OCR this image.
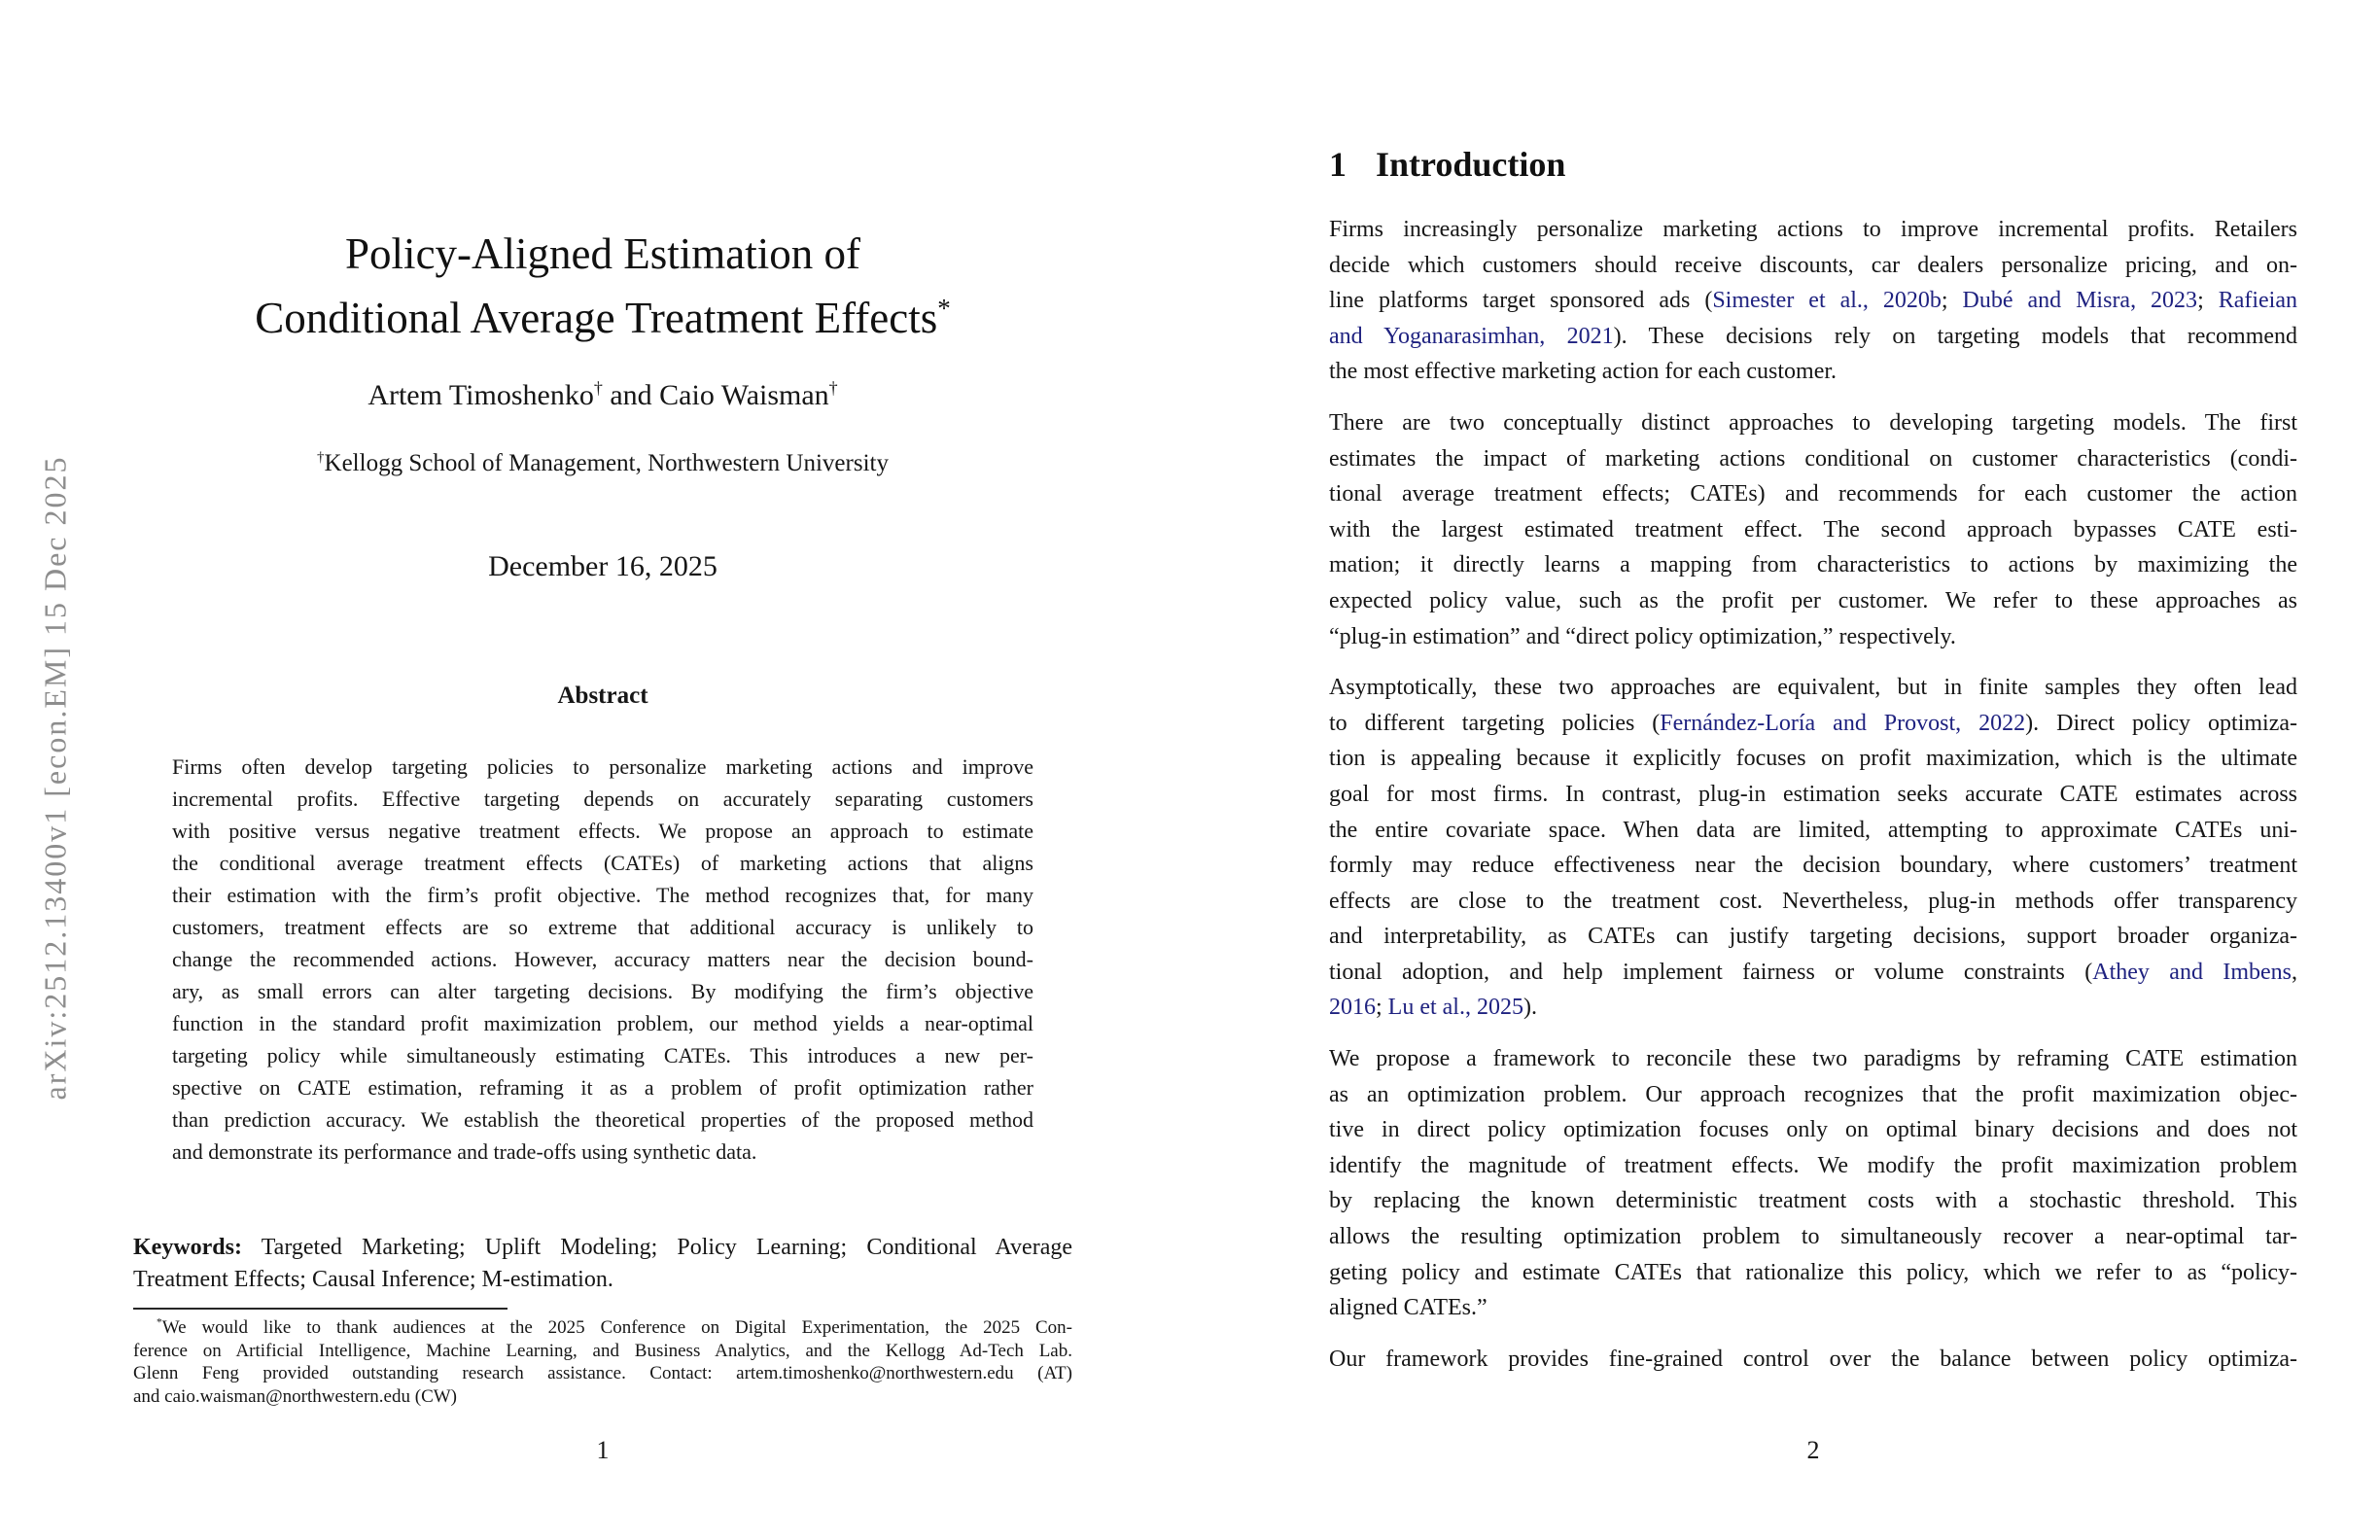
arXiv:2512.13400v1 [econ.EM] 15 Dec 2025
Policy-Aligned Estimation of
Conditional Average Treatment Effects*
Artem Timoshenko† and Caio Waisman†
†Kellogg School of Management, Northwestern University
December 16, 2025
Abstract
Firms often develop targeting policies to personalize marketing actions and improve
incremental profits. Effective targeting depends on accurately separating customers
with positive versus negative treatment effects. We propose an approach to estimate
the conditional average treatment effects (CATEs) of marketing actions that aligns
their estimation with the firm’s profit objective. The method recognizes that, for many
customers, treatment effects are so extreme that additional accuracy is unlikely to
change the recommended actions. However, accuracy matters near the decision bound-
ary, as small errors can alter targeting decisions. By modifying the firm’s objective
function in the standard profit maximization problem, our method yields a near-optimal
targeting policy while simultaneously estimating CATEs. This introduces a new per-
spective on CATE estimation, reframing it as a problem of profit optimization rather
than prediction accuracy. We establish the theoretical properties of the proposed method
and demonstrate its performance and trade-offs using synthetic data.
Keywords: Targeted Marketing; Uplift Modeling; Policy Learning; Conditional Average
Treatment Effects; Causal Inference; M-estimation.
*We would like to thank audiences at the 2025 Conference on Digital Experimentation, the 2025 Con-
ference on Artificial Intelligence, Machine Learning, and Business Analytics, and the Kellogg Ad-Tech Lab.
Glenn Feng provided outstanding research assistance. Contact: artem.timoshenko@northwestern.edu (AT)
and caio.waisman@northwestern.edu (CW)
1
1 Introduction
Firms increasingly personalize marketing actions to improve incremental profits. Retailers
decide which customers should receive discounts, car dealers personalize pricing, and on-
line platforms target sponsored ads (Simester et al., 2020b; Dubé and Misra, 2023; Rafieian
and Yoganarasimhan, 2021). These decisions rely on targeting models that recommend
the most effective marketing action for each customer.
There are two conceptually distinct approaches to developing targeting models. The first
estimates the impact of marketing actions conditional on customer characteristics (condi-
tional average treatment effects; CATEs) and recommends for each customer the action
with the largest estimated treatment effect. The second approach bypasses CATE esti-
mation; it directly learns a mapping from characteristics to actions by maximizing the
expected policy value, such as the profit per customer. We refer to these approaches as
“plug-in estimation” and “direct policy optimization,” respectively.
Asymptotically, these two approaches are equivalent, but in finite samples they often lead
to different targeting policies (Fernández-Loría and Provost, 2022). Direct policy optimiza-
tion is appealing because it explicitly focuses on profit maximization, which is the ultimate
goal for most firms. In contrast, plug-in estimation seeks accurate CATE estimates across
the entire covariate space. When data are limited, attempting to approximate CATEs uni-
formly may reduce effectiveness near the decision boundary, where customers’ treatment
effects are close to the treatment cost. Nevertheless, plug-in methods offer transparency
and interpretability, as CATEs can justify targeting decisions, support broader organiza-
tional adoption, and help implement fairness or volume constraints (Athey and Imbens,
2016; Lu et al., 2025).
We propose a framework to reconcile these two paradigms by reframing CATE estimation
as an optimization problem. Our approach recognizes that the profit maximization objec-
tive in direct policy optimization focuses only on optimal binary decisions and does not
identify the magnitude of treatment effects. We modify the profit maximization problem
by replacing the known deterministic treatment costs with a stochastic threshold. This
allows the resulting optimization problem to simultaneously recover a near-optimal tar-
geting policy and estimate CATEs that rationalize this policy, which we refer to as “policy-
aligned CATEs.”
Our framework provides fine-grained control over the balance between policy optimiza-
2
